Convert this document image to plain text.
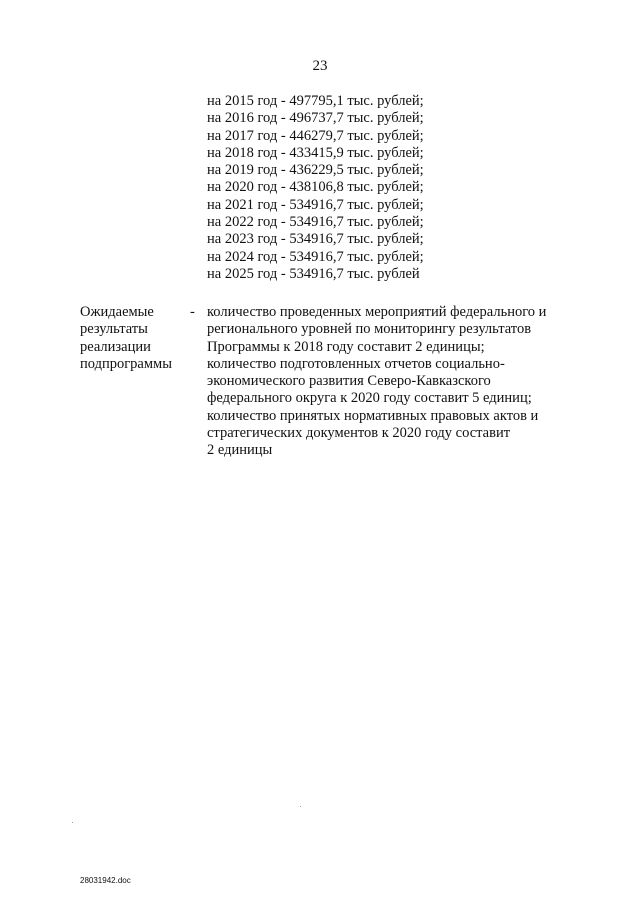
23
на 2015 год - 497795,1 тыс. рублей;
на 2016 год - 496737,7 тыс. рублей;
на 2017 год - 446279,7 тыс. рублей;
на 2018 год - 433415,9 тыс. рублей;
на 2019 год - 436229,5 тыс. рублей;
на 2020 год - 438106,8 тыс. рублей;
на 2021 год - 534916,7 тыс. рублей;
на 2022 год - 534916,7 тыс. рублей;
на 2023 год - 534916,7 тыс. рублей;
на 2024 год - 534916,7 тыс. рублей;
на 2025 год - 534916,7 тыс. рублей
Ожидаемые
результаты
реализации
подпрограммы
- количество проведенных мероприятий федерального и
регионального уровней по мониторингу результатов
Программы к 2018 году составит 2 единицы;
количество подготовленных отчетов социально-
экономического развития Северо-Кавказского
федерального округа к 2020 году составит 5 единиц;
количество принятых нормативных правовых актов и
стратегических документов к 2020 году составит
2 единицы
28031942.doc
